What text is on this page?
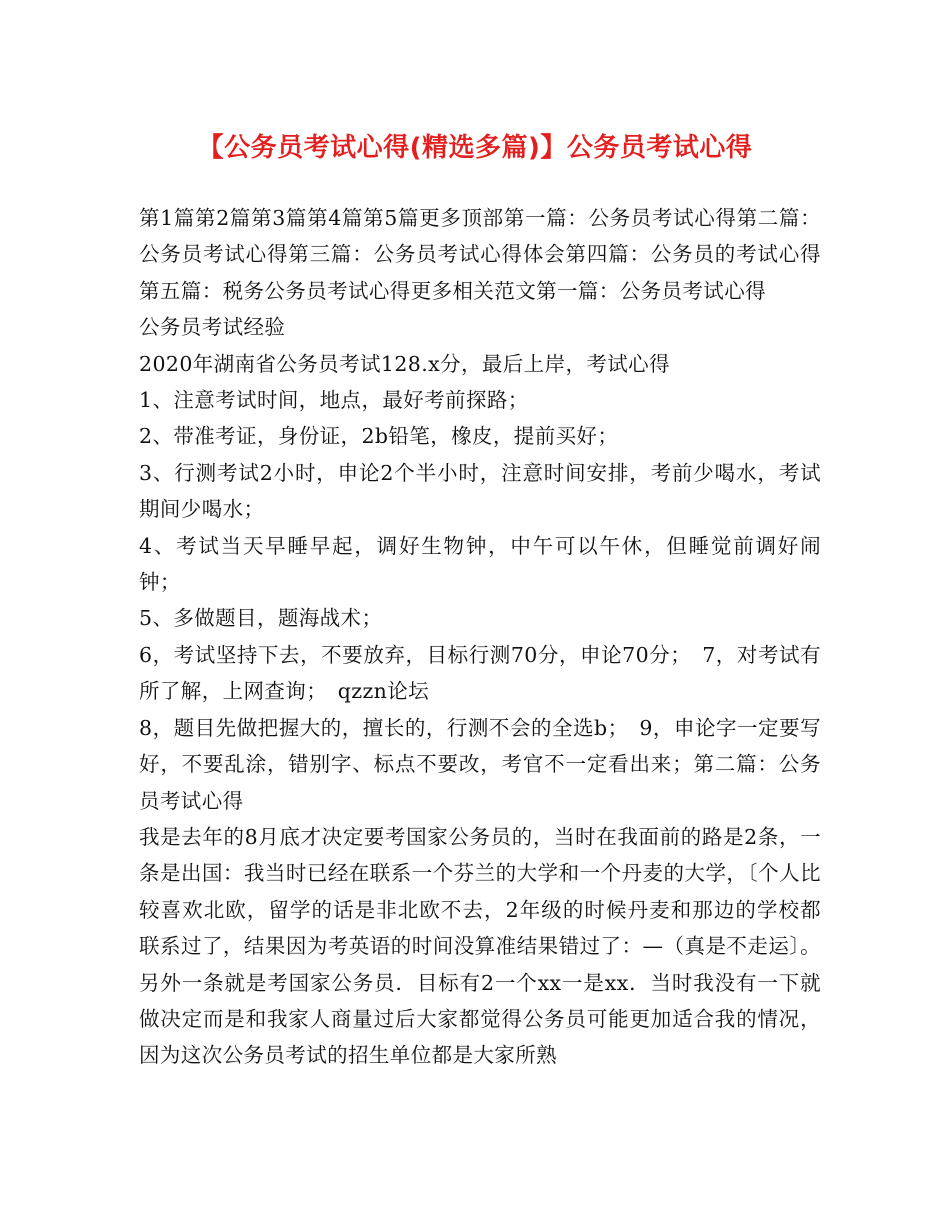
【公务员考试心得(精选多篇)】公务员考试心得

第1篇第2篇第3篇第4篇第5篇更多顶部第一篇：公务员考试心得第二篇：公务员考试心得第三篇：公务员考试心得体会第四篇：公务员的考试心得第五篇：税务公务员考试心得更多相关范文第一篇：公务员考试心得

公务员考试经验

2020年湖南省公务员考试128.x分，最后上岸，考试心得

1、注意考试时间，地点，最好考前探路；

2、带准考证，身份证，2b铅笔，橡皮，提前买好；

3、行测考试2小时，申论2个半小时，注意时间安排，考前少喝水，考试期间少喝水；

4、考试当天早睡早起，调好生物钟，中午可以午休，但睡觉前调好闹钟；

5、多做题目，题海战术；

6，考试坚持下去，不要放弃，目标行测70分，申论70分；　7，对考试有所了解，上网查询；　qzzn论坛

8，题目先做把握大的，擅长的，行测不会的全选b；　9，申论字一定要写好，不要乱涂，错别字、标点不要改，考官不一定看出来；第二篇：公务员考试心得

我是去年的8月底才决定要考国家公务员的，当时在我面前的路是2条，一条是出国：我当时已经在联系一个芬兰的大学和一个丹麦的大学，〔个人比较喜欢北欧，留学的话是非北欧不去，2年级的时候丹麦和那边的学校都联系过了，结果因为考英语的时间没算准结果错过了：—（真是不走运〕。另外一条就是考国家公务员．目标有2一个xx一是xx．当时我没有一下就做决定而是和我家人商量过后大家都觉得公务员可能更加适合我的情况，因为这次公务员考试的招生单位都是大家所熟
